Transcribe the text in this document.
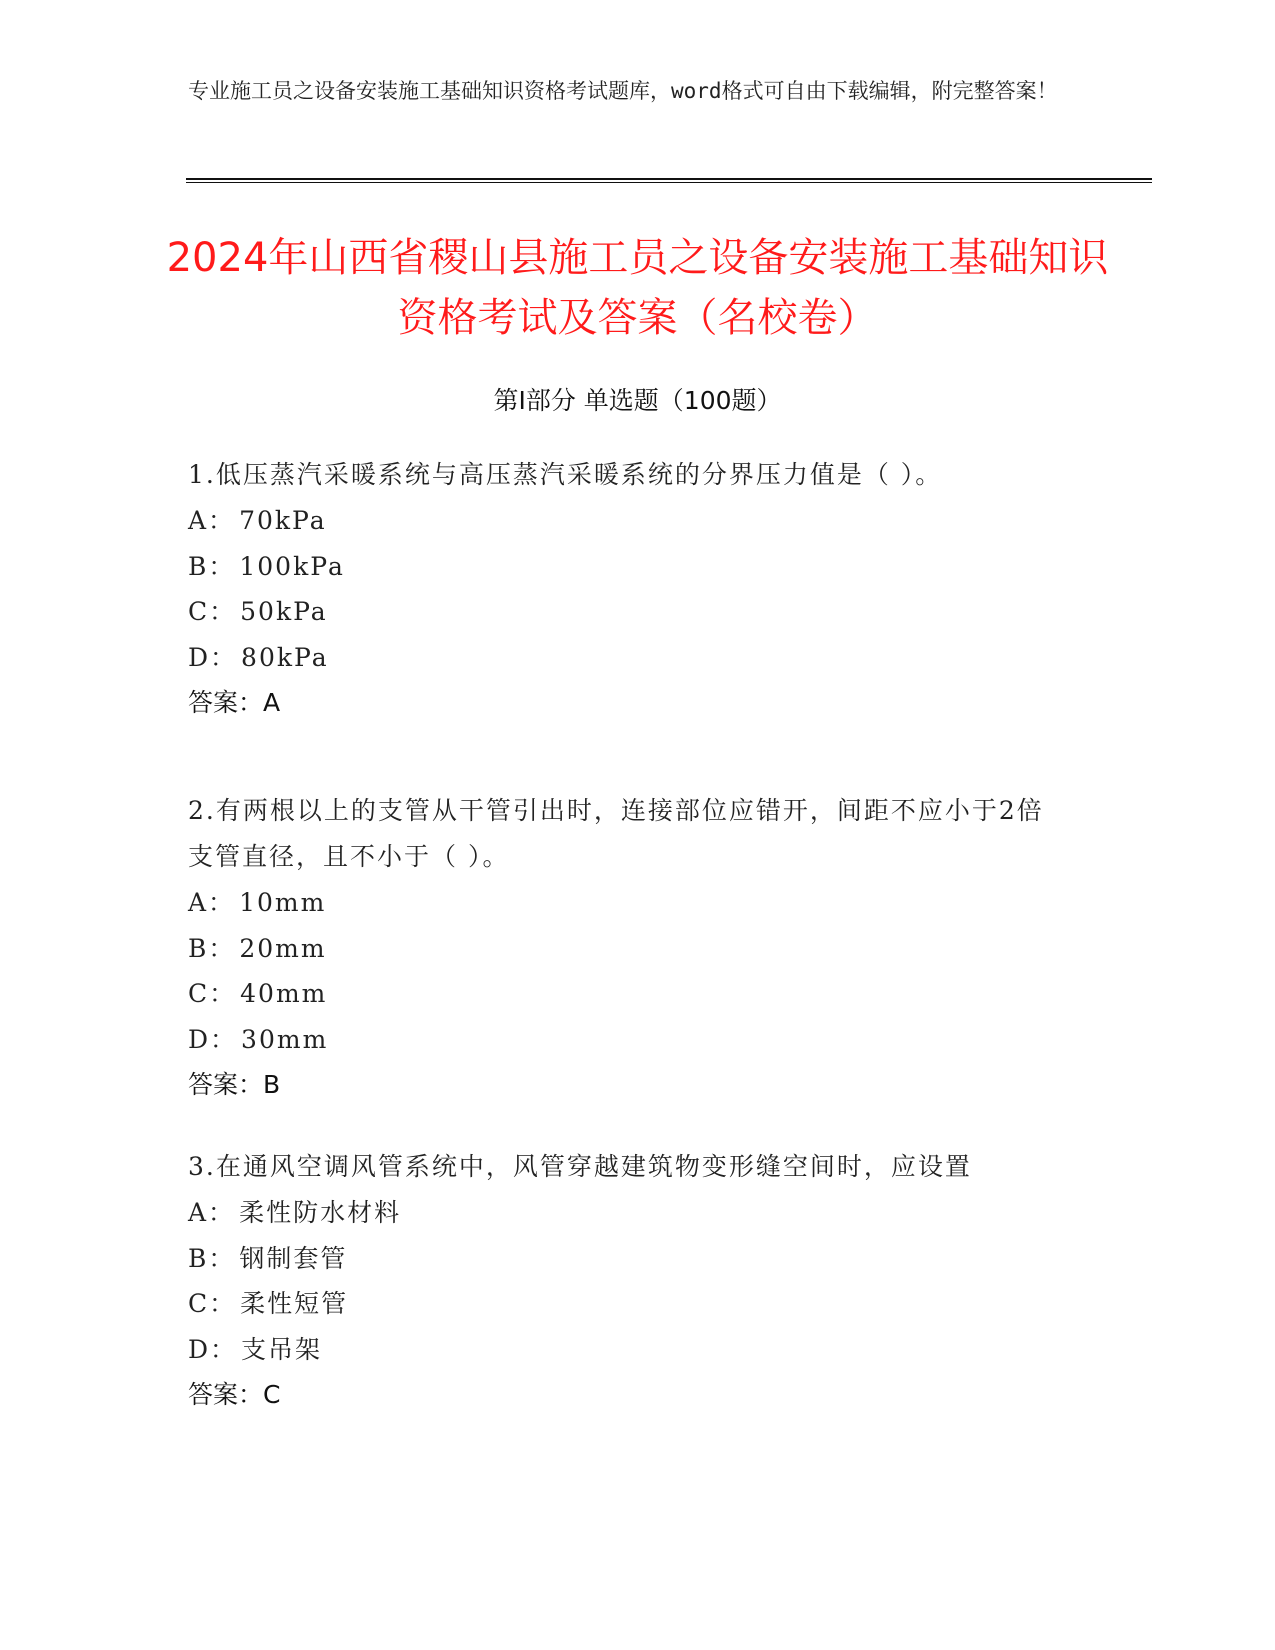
专业施工员之设备安装施工基础知识资格考试题库，word格式可自由下载编辑，附完整答案！
2024年山西省稷山县施工员之设备安装施工基础知识资格考试及答案（名校卷）
第Ⅰ部分 单选题（100题）
1.低压蒸汽采暖系统与高压蒸汽采暖系统的分界压力值是（ ）。
A： 70kPa
B： 100kPa
C： 50kPa
D： 80kPa
答案：A
2.有两根以上的支管从干管引出时，连接部位应错开，间距不应小于2倍支管直径，且不小于（ ）。
A： 10mm
B： 20mm
C： 40mm
D： 30mm
答案：B
3.在通风空调风管系统中，风管穿越建筑物变形缝空间时，应设置
A： 柔性防水材料
B： 钢制套管
C： 柔性短管
D： 支吊架
答案：C
